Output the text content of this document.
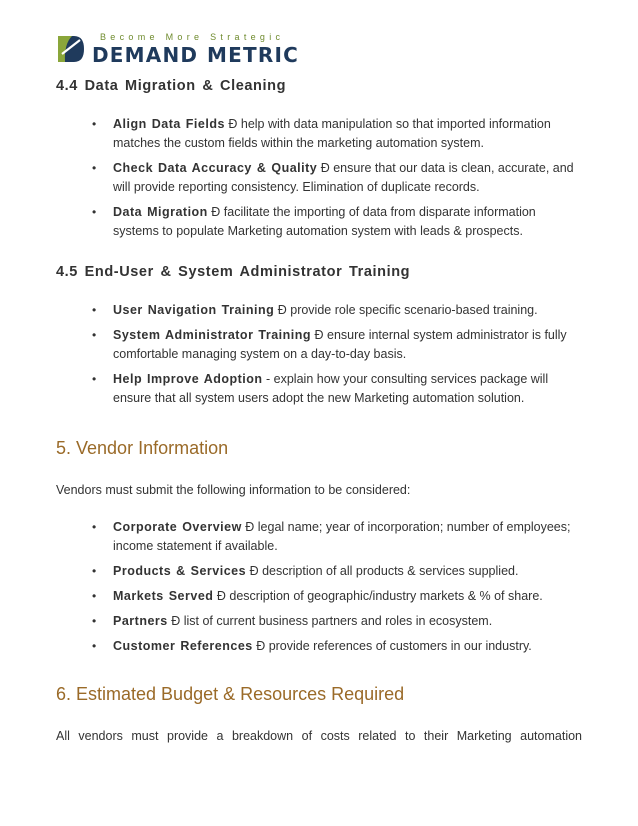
Become More Strategic
DEMAND METRIC
4.4 Data Migration & Cleaning
• Align Data Fields Ð help with data manipulation so that imported information matches the custom fields within the marketing automation system.
• Check Data Accuracy & Quality Ð ensure that our data is clean, accurate, and will provide reporting consistency. Elimination of duplicate records.
• Data Migration Ð facilitate the importing of data from disparate information systems to populate Marketing automation system with leads & prospects.
4.5 End-User & System Administrator Training
• User Navigation Training Ð provide role specific scenario-based training.
• System Administrator Training Ð ensure internal system administrator is fully comfortable managing system on a day-to-day basis.
• Help Improve Adoption - explain how your consulting services package will ensure that all system users adopt the new Marketing automation solution.
5. Vendor Information
Vendors must submit the following information to be considered:
• Corporate Overview Ð legal name; year of incorporation; number of employees; income statement if available.
• Products & Services Ð description of all products & services supplied.
• Markets Served Ð description of geographic/industry markets & % of share.
• Partners Ð list of current business partners and roles in ecosystem.
• Customer References Ð provide references of customers in our industry.
6. Estimated Budget & Resources Required
All vendors must provide a breakdown of costs related to their Marketing automation
